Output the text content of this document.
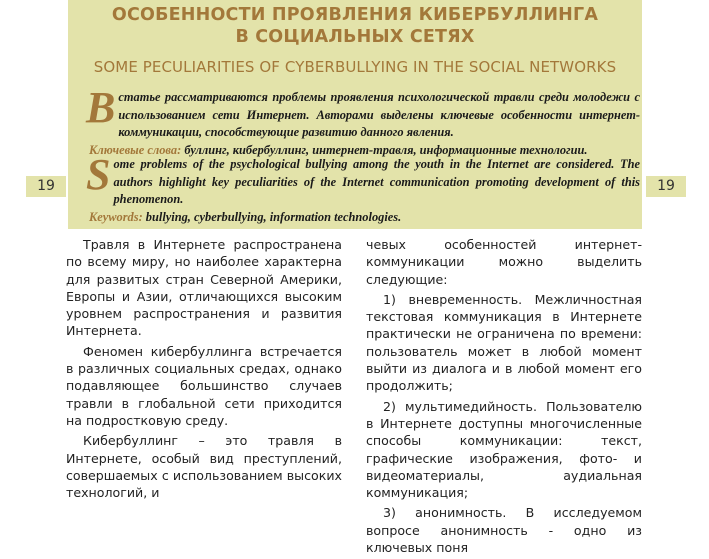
ОСОБЕННОСТИ ПРОЯВЛЕНИЯ КИБЕРБУЛЛИНГА
В СОЦИАЛЬНЫХ СЕТЯХ
SOME PECULIARITIES OF CYBERBULLYING IN THE SOCIAL NETWORKS
В статье рассматриваются проблемы проявления психологической травли среди молодежи с использованием сети Интернет. Авторами выделены ключевые особенности интернет-коммуникации, способствующие развитию данного явления.
Ключевые слова: буллинг, кибербуллинг, интернет-травля, информационные технологии.
Some problems of the psychological bullying among the youth in the Internet are considered. The authors highlight key peculiarities of the Internet communication promoting development of this phenomenon.
Keywords: bullying, cyberbullying, information technologies.
19	19

Травля в Интернете распространена по всему миру, но наиболее характерна для развитых стран Северной Америки, Европы и Азии, отличающихся высоким уровнем распространения и развития Интернета.

Феномен кибербуллинга встречается в различных социальных средах, однако подавляющее большинство случаев травли в глобальной сети приходится на подростковую среду.

Кибербуллинг – это травля в Интернете, особый вид преступлений, совершаемых с использованием высоких технологий, и

чевых особенностей интернет-коммуникации можно выделить следующие:

1) вневременность. Межличностная текстовая коммуникация в Интернете практически не ограничена по времени: пользователь может в любой момент выйти из диалога и в любой момент его продолжить;

2) мультимедийность. Пользователю в Интернете доступны многочисленные способы коммуникации: текст, графические изображения, фото- и видеоматериалы, аудиальная коммуникация;

3) анонимность. В исследуемом вопросе анонимность - одно из ключевых поня
